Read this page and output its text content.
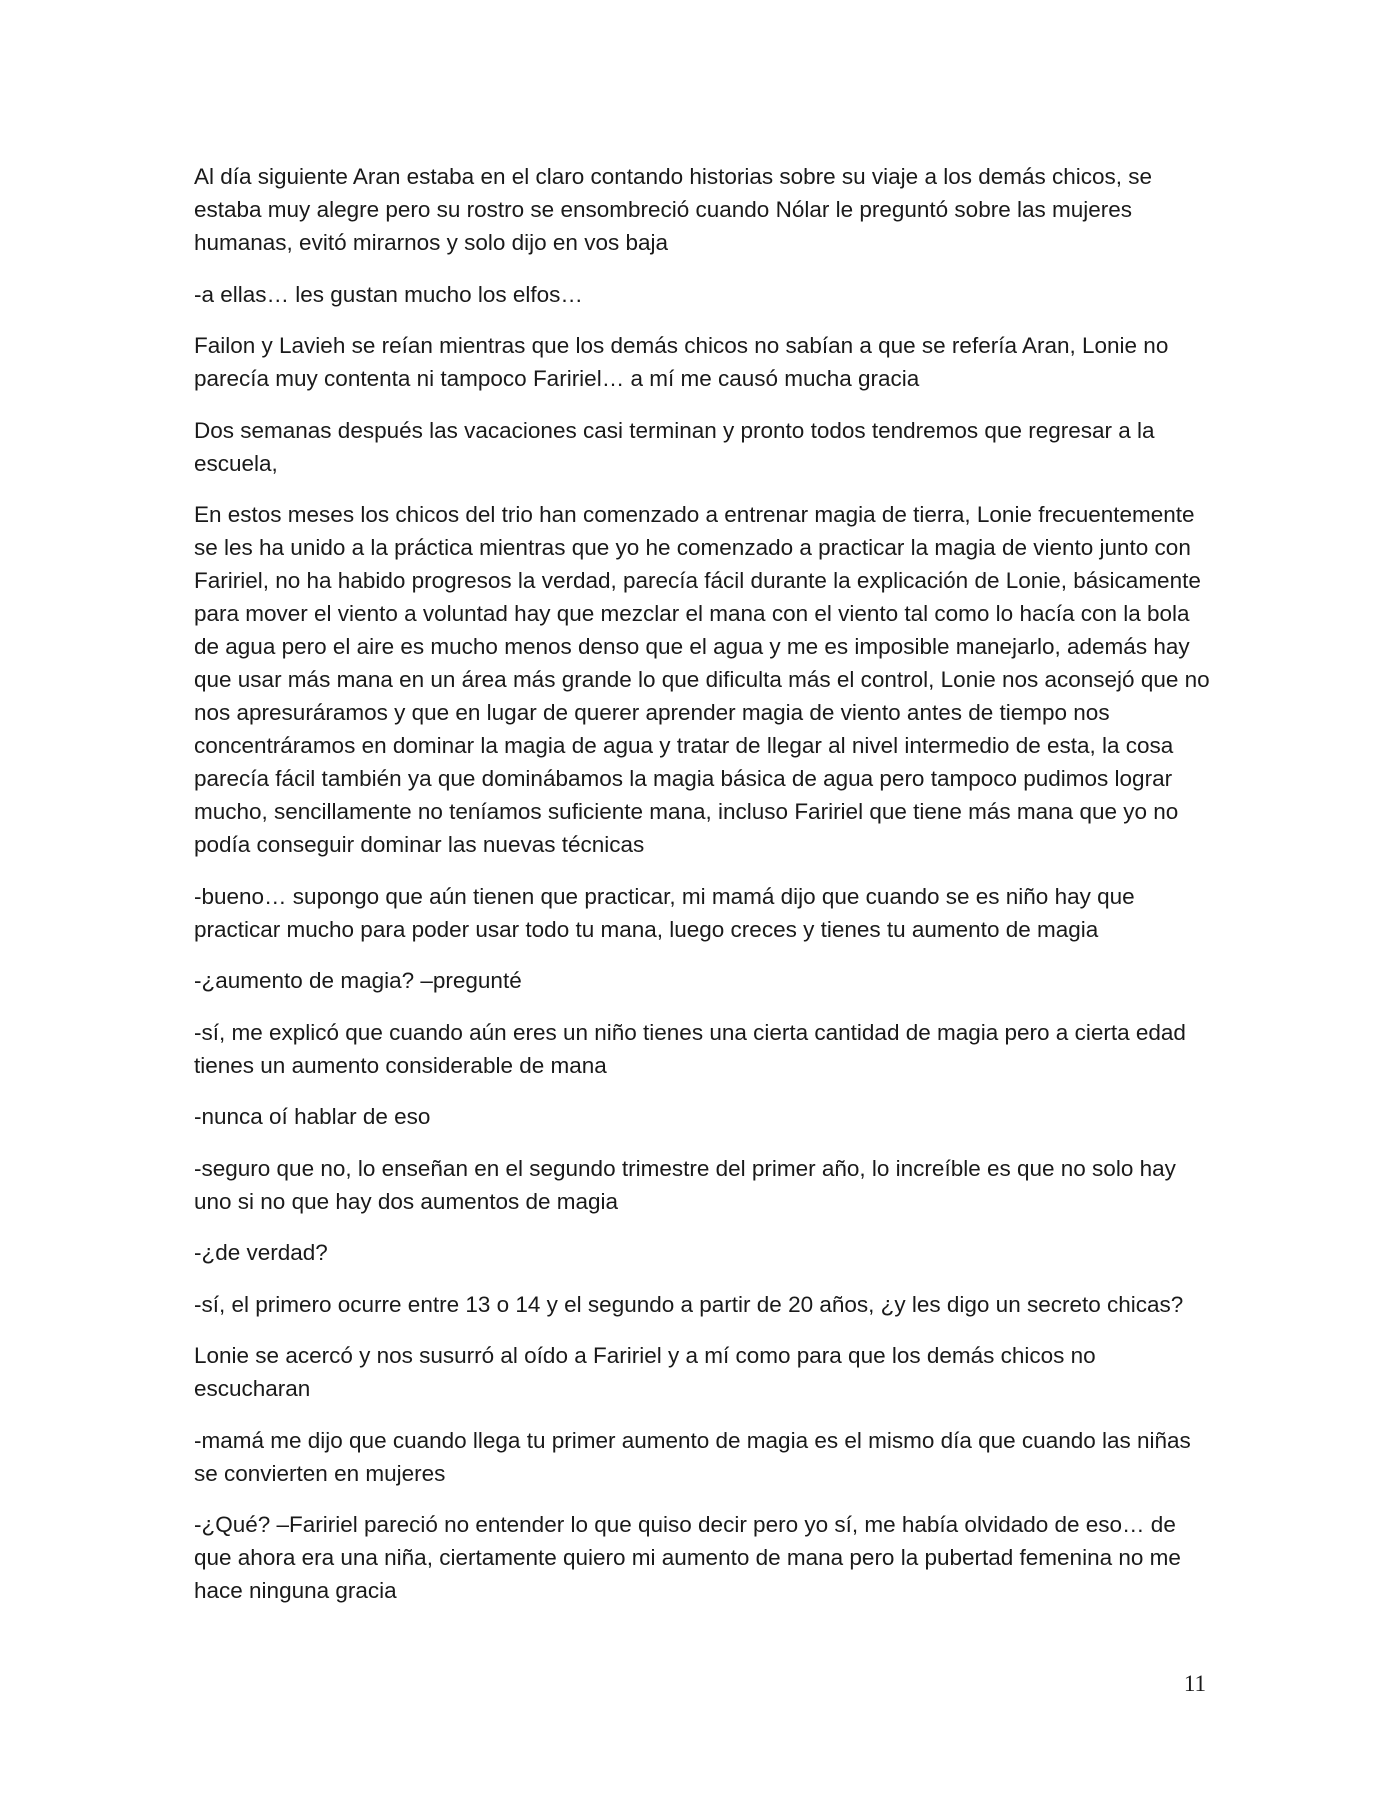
Al día siguiente Aran estaba en el claro contando historias sobre su viaje a los demás chicos, se estaba muy alegre pero su rostro se ensombreció cuando Nólar le preguntó sobre las mujeres humanas, evitó mirarnos y solo dijo en vos baja

-a ellas… les gustan mucho los elfos…

Failon y Lavieh se reían mientras que los demás chicos no sabían a que se refería Aran, Lonie no parecía muy contenta ni tampoco Faririel… a mí me causó mucha gracia

Dos semanas después las vacaciones casi terminan y pronto todos tendremos que regresar a la escuela,

En estos meses los chicos del trio han comenzado a entrenar magia de tierra, Lonie frecuentemente se les ha unido a la práctica mientras que yo he comenzado a practicar la magia de viento junto con Faririel, no ha habido progresos la verdad, parecía fácil durante la explicación de Lonie, básicamente para mover el viento a voluntad hay que mezclar el mana con el viento tal como lo hacía con la bola de agua pero el aire es mucho menos denso que el agua y me es imposible manejarlo, además hay que usar más mana en un área más grande lo que dificulta más el control, Lonie nos aconsejó que no nos apresuráramos y que en lugar de querer aprender magia de viento antes de tiempo nos concentráramos en dominar la magia de agua y tratar de llegar al nivel intermedio de esta, la cosa parecía fácil también ya que dominábamos la magia básica de agua pero tampoco pudimos lograr mucho, sencillamente no teníamos suficiente mana, incluso Faririel que tiene más mana que yo no podía conseguir dominar las nuevas técnicas

-bueno… supongo que aún tienen que practicar, mi mamá dijo que cuando se es niño hay que practicar mucho para poder usar todo tu mana, luego creces y tienes tu aumento de magia

-¿aumento de magia? –pregunté

-sí, me explicó que cuando aún eres un niño tienes una cierta cantidad de magia pero a cierta edad tienes un aumento considerable de mana

-nunca oí hablar de eso

-seguro que no, lo enseñan en el segundo trimestre del primer año, lo increíble es que no solo hay uno si no que hay dos aumentos de magia

-¿de verdad?

-sí, el primero ocurre entre 13 o 14 y el segundo a partir de 20 años, ¿y les digo un secreto chicas?

Lonie se acercó y nos susurró al oído a Faririel y a mí como para que los demás chicos no escucharan

-mamá me dijo que cuando llega tu primer aumento de magia es el mismo día que cuando las niñas se convierten en mujeres

-¿Qué? –Faririel pareció no entender lo que quiso decir pero yo sí, me había olvidado de eso… de que ahora era una niña, ciertamente quiero mi aumento de mana pero la pubertad femenina no me hace ninguna gracia

11
